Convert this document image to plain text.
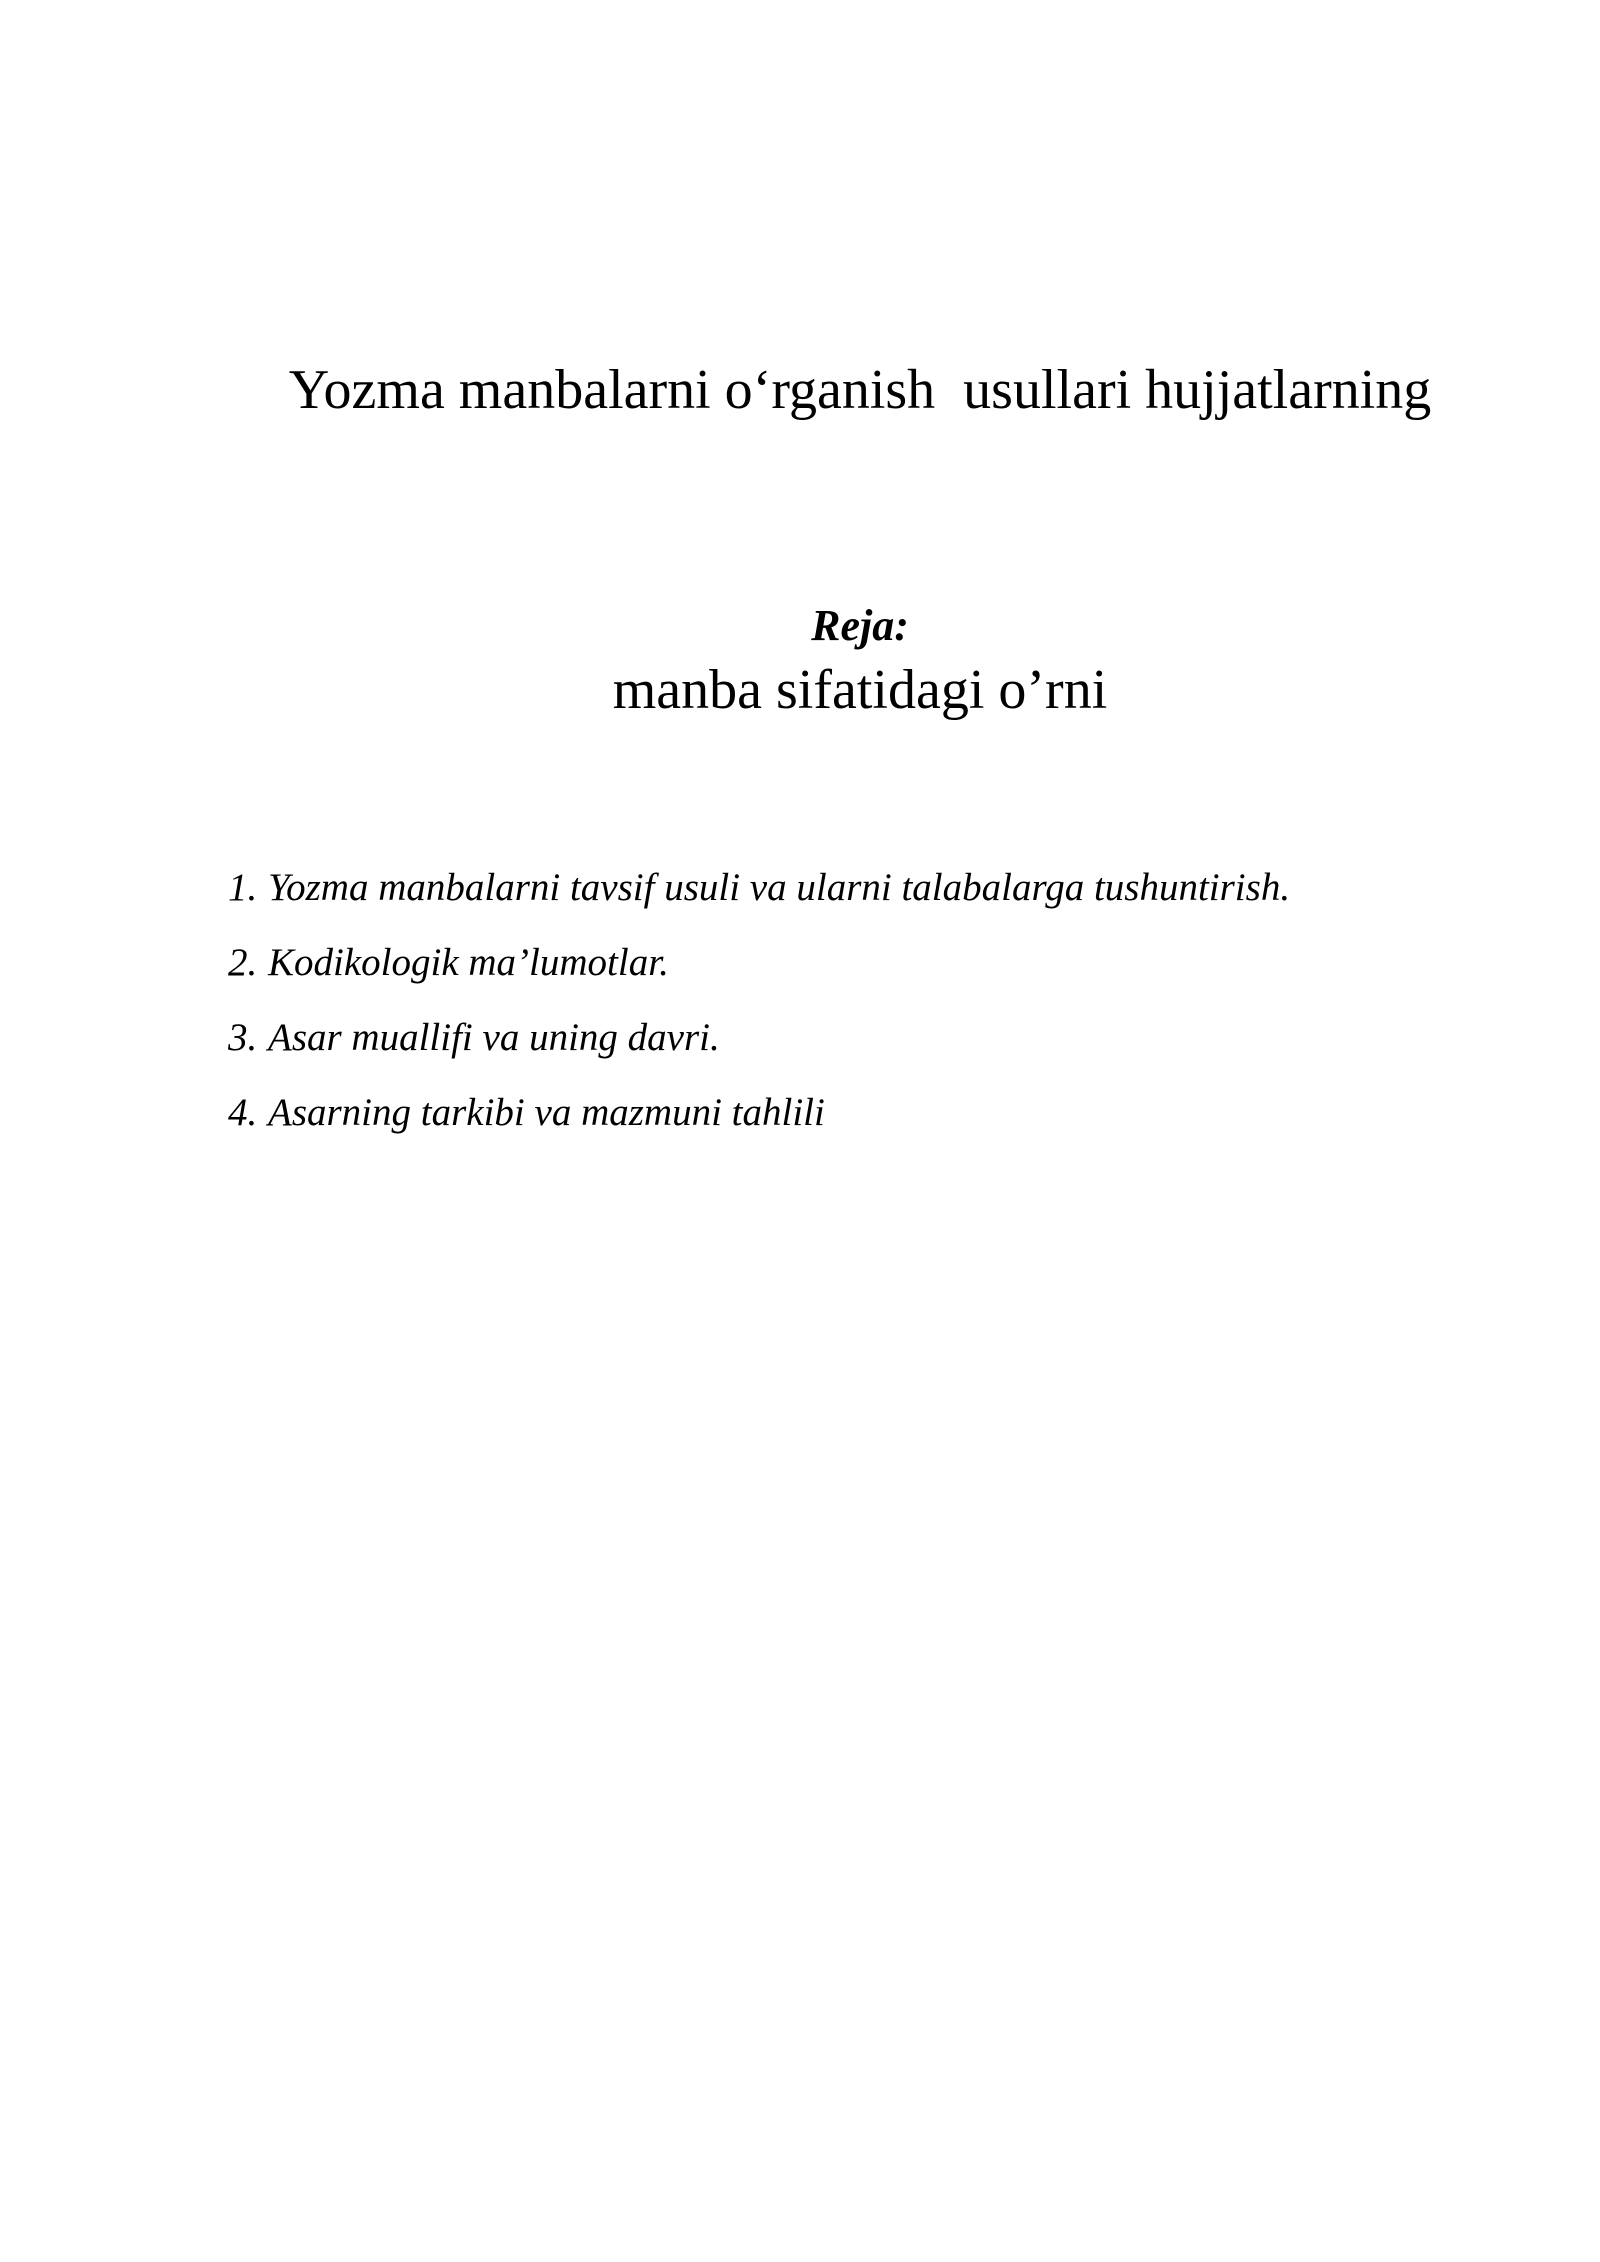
Yozma manbalarni o‘rganish  usullari hujjatlarning

manba sifatidagi o’rni

Reja:
1. Yozma manbalarni tavsif usuli va ularni talabalarga tushuntirish.
2. Kodikologik ma’lumotlar.
3. Asar muallifi va uning davri.
4. Asarning tarkibi va mazmuni tahlili
